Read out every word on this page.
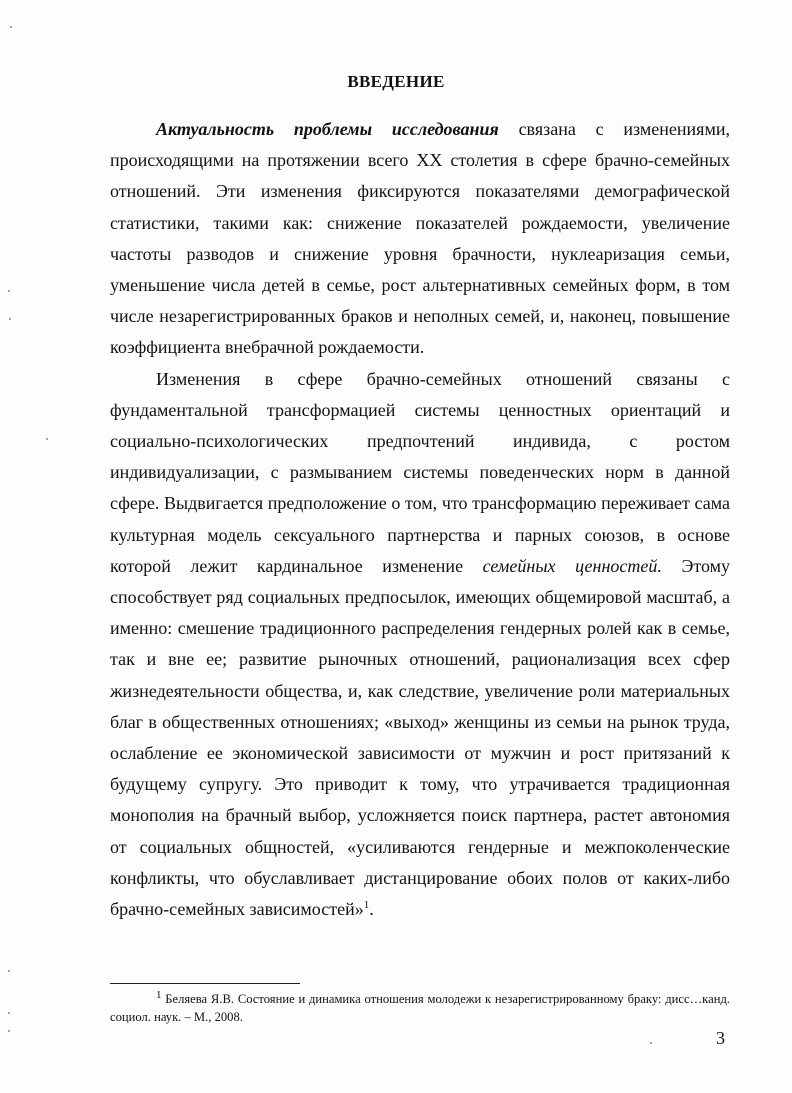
ВВЕДЕНИЕ

Актуальность проблемы исследования связана с изменениями, происходящими на протяжении всего XX столетия в сфере брачно-семейных отношений. Эти изменения фиксируются показателями демографической статистики, такими как: снижение показателей рождаемости, увеличение частоты разводов и снижение уровня брачности, нуклеаризация семьи, уменьшение числа детей в семье, рост альтернативных семейных форм, в том числе незарегистрированных браков и неполных семей, и, наконец, повышение коэффициента внебрачной рождаемости.

Изменения в сфере брачно-семейных отношений связаны с фундаментальной трансформацией системы ценностных ориентаций и социально-психологических предпочтений индивида, с ростом индивидуализации, с размыванием системы поведенческих норм в данной сфере. Выдвигается предположение о том, что трансформацию переживает сама культурная модель сексуального партнерства и парных союзов, в основе которой лежит кардинальное изменение семейных ценностей. Этому способствует ряд социальных предпосылок, имеющих общемировой масштаб, а именно: смешение традиционного распределения гендерных ролей как в семье, так и вне ее; развитие рыночных отношений, рационализация всех сфер жизнедеятельности общества, и, как следствие, увеличение роли материальных благ в общественных отношениях; «выход» женщины из семьи на рынок труда, ослабление ее экономической зависимости от мужчин и рост притязаний к будущему супругу. Это приводит к тому, что утрачивается традиционная монополия на брачный выбор, усложняется поиск партнера, растет автономия от социальных общностей, «усиливаются гендерные и межпоколенческие конфликты, что обуславливает дистанцирование обоих полов от каких-либо брачно-семейных зависимостей»$^1$.

$^1$ Беляева Я.В. Состояние и динамика отношения молодежи к незарегистрированному браку: дисс…канд. социол. наук. – М., 2008.
3
